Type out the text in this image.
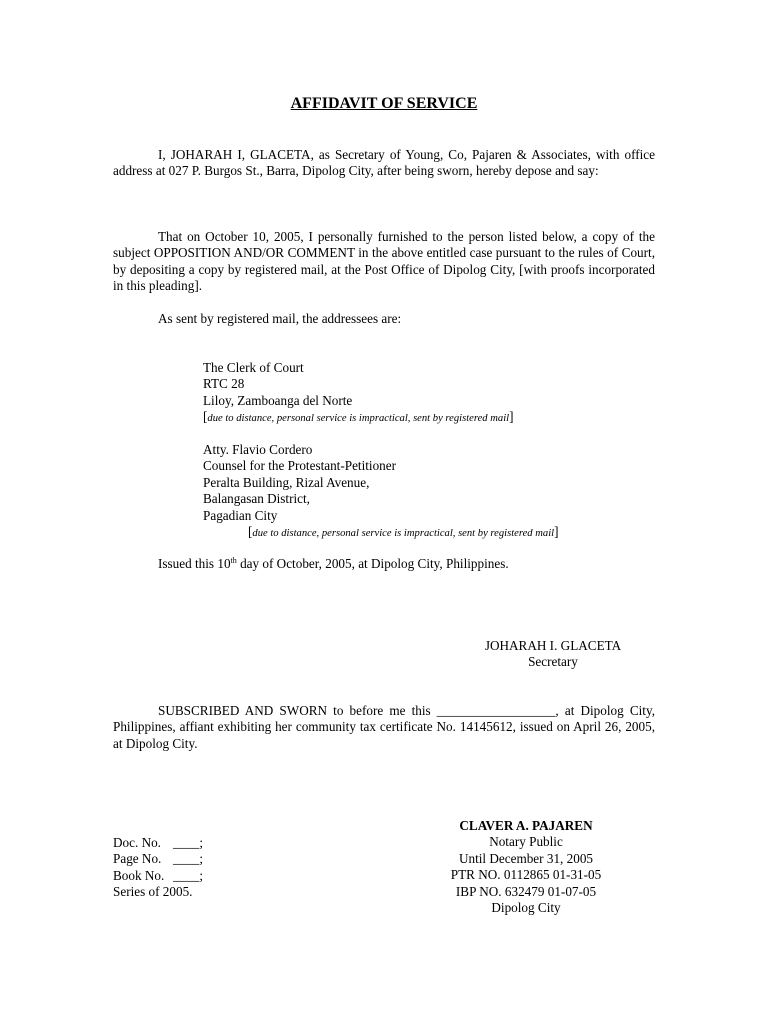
AFFIDAVIT OF SERVICE

I, JOHARAH I, GLACETA, as Secretary of Young, Co, Pajaren & Associates, with office address at 027 P. Burgos St., Barra, Dipolog City, after being sworn, hereby depose and say:

That on October 10, 2005, I personally furnished to the person listed below, a copy of the subject OPPOSITION AND/OR COMMENT in the above entitled case pursuant to the rules of Court, by depositing a copy by registered mail, at the Post Office of Dipolog City, [with proofs incorporated in this pleading].

As sent by registered mail, the addressees are:

The Clerk of Court
RTC 28
Liloy, Zamboanga del Norte
[due to distance, personal service is impractical, sent by registered mail]
Atty. Flavio Cordero
Counsel for the Protestant-Petitioner
Peralta Building, Rizal Avenue,
Balangasan District,
Pagadian City
[due to distance, personal service is impractical, sent by registered mail]

Issued this 10th day of October, 2005, at Dipolog City, Philippines.

JOHARAH I. GLACETA
Secretary

SUBSCRIBED AND SWORN to before me this __________________, at Dipolog City, Philippines, affiant exhibiting her community tax certificate No. 14145612, issued on April 26, 2005, at Dipolog City.

CLAVER A. PAJAREN
Notary Public
Until December 31, 2005
PTR NO. 0112865 01-31-05
IBP NO. 632479 01-07-05
Dipolog City
Doc. No. ____;
Page No. ____;
Book No. ____;
Series of 2005.
